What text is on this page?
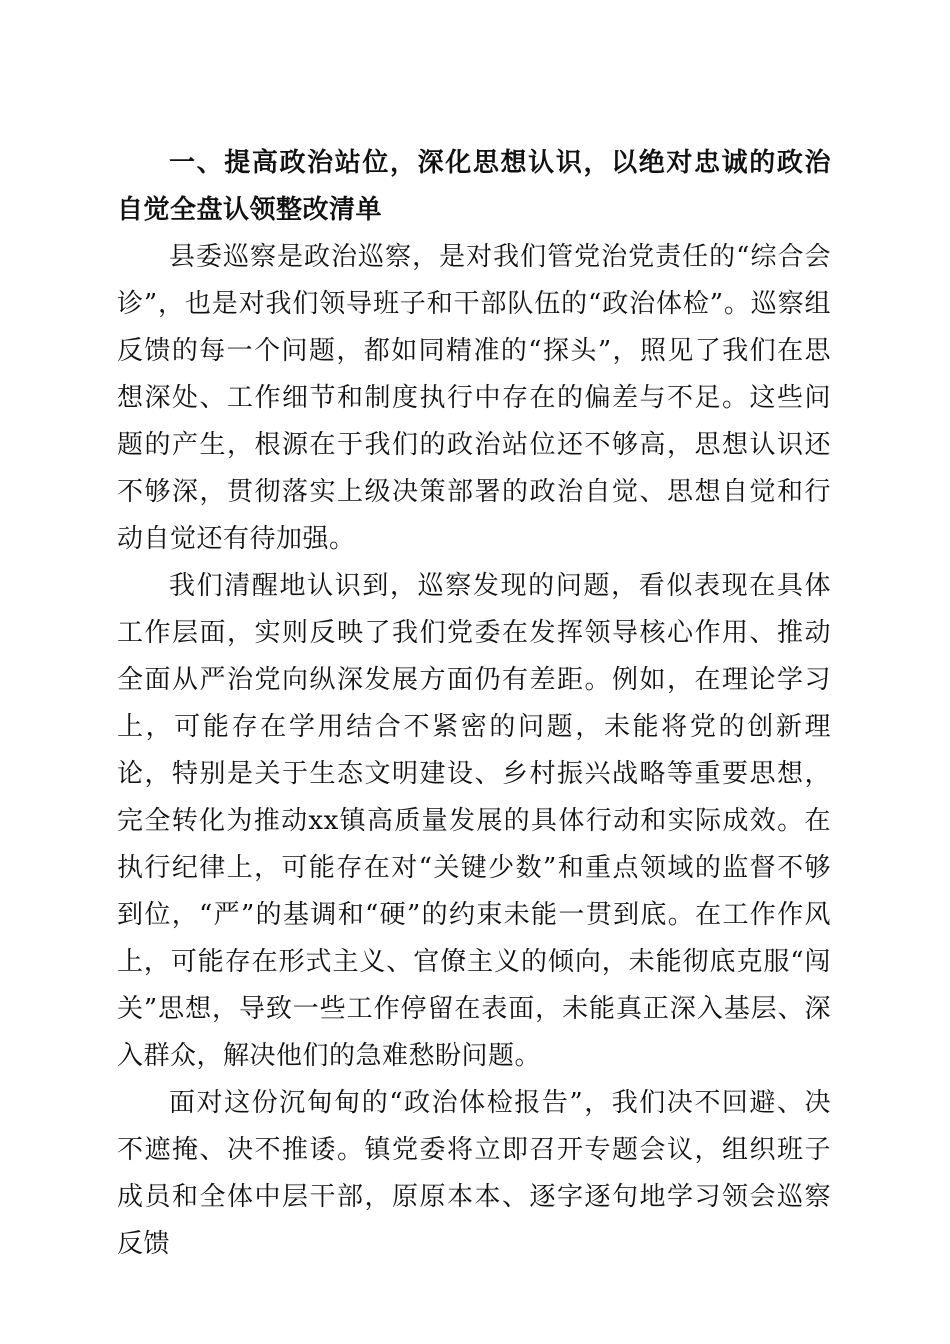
一、提高政治站位，深化思想认识，以绝对忠诚的政治自觉全盘认领整改清单

县委巡察是政治巡察，是对我们管党治党责任的“综合会诊”，也是对我们领导班子和干部队伍的“政治体检”。巡察组反馈的每一个问题，都如同精准的“探头”，照见了我们在思想深处、工作细节和制度执行中存在的偏差与不足。这些问题的产生，根源在于我们的政治站位还不够高，思想认识还不够深，贯彻落实上级决策部署的政治自觉、思想自觉和行动自觉还有待加强。

我们清醒地认识到，巡察发现的问题，看似表现在具体工作层面，实则反映了我们党委在发挥领导核心作用、推动全面从严治党向纵深发展方面仍有差距。例如，在理论学习上，可能存在学用结合不紧密的问题，未能将党的创新理论，特别是关于生态文明建设、乡村振兴战略等重要思想，完全转化为推动xx镇高质量发展的具体行动和实际成效。在执行纪律上，可能存在对“关键少数”和重点领域的监督不够到位，“严”的基调和“硬”的约束未能一贯到底。在工作作风上，可能存在形式主义、官僚主义的倾向，未能彻底克服“闯关”思想，导致一些工作停留在表面，未能真正深入基层、深入群众，解决他们的急难愁盼问题。

面对这份沉甸甸的“政治体检报告”，我们决不回避、决不遮掩、决不推诿。镇党委将立即召开专题会议，组织班子成员和全体中层干部，原原本本、逐字逐句地学习领会巡察反馈
